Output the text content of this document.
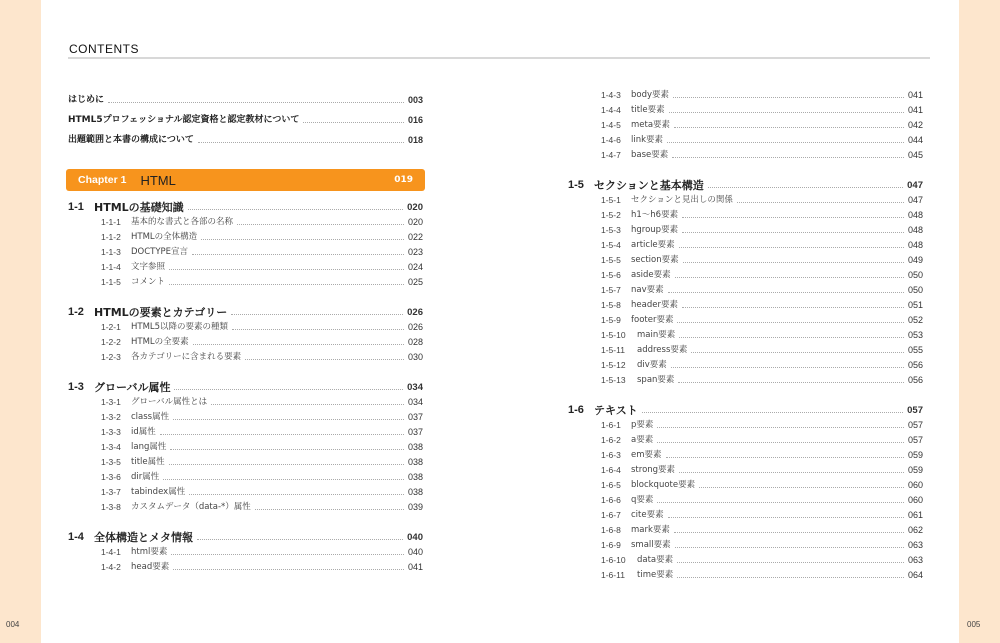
004	005
CONTENTS
はじめに	003
HTML5プロフェッショナル認定資格と認定教材について	016
出題範囲と本書の構成について	018
Chapter 1 HTML	019
1-1 HTMLの基礎知識	020
1-1-1	基本的な書式と各部の名称	020
1-1-2	HTMLの全体構造	022
1-1-3	DOCTYPE宣言	023
1-1-4	文字参照	024
1-1-5	コメント	025
1-2 HTMLの要素とカテゴリー	026
1-2-1	HTML5以降の要素の種類	026
1-2-2	HTMLの全要素	028
1-2-3	各カテゴリーに含まれる要素	030
1-3 グローバル属性	034
1-3-1	グローバル属性とは	034
1-3-2	class属性	037
1-3-3	id属性	037
1-3-4	lang属性	038
1-3-5	title属性	038
1-3-6	dir属性	038
1-3-7	tabindex属性	038
1-3-8	カスタムデータ（data-*）属性	039
1-4 全体構造とメタ情報	040
1-4-1	html要素	040
1-4-2	head要素	041
1-4-3	body要素	041
1-4-4	title要素	041
1-4-5	meta要素	042
1-4-6	link要素	044
1-4-7	base要素	045
1-5 セクションと基本構造	047
1-5-1	セクションと見出しの関係	047
1-5-2	h1～h6要素	048
1-5-3	hgroup要素	048
1-5-4	article要素	048
1-5-5	section要素	049
1-5-6	aside要素	050
1-5-7	nav要素	050
1-5-8	header要素	051
1-5-9	footer要素	052
1-5-10	main要素	053
1-5-11	address要素	055
1-5-12	div要素	056
1-5-13	span要素	056
1-6 テキスト	057
1-6-1	p要素	057
1-6-2	a要素	057
1-6-3	em要素	059
1-6-4	strong要素	059
1-6-5	blockquote要素	060
1-6-6	q要素	060
1-6-7	cite要素	061
1-6-8	mark要素	062
1-6-9	small要素	063
1-6-10	data要素	063
1-6-11	time要素	064
